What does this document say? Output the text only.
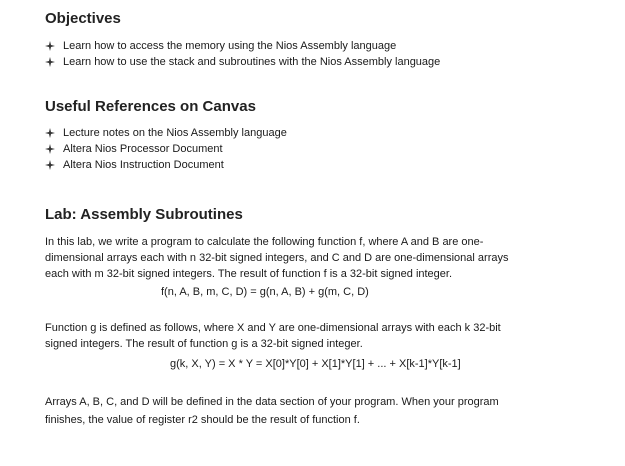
Objectives
Learn how to access the memory using the Nios Assembly language
Learn how to use the stack and subroutines with the Nios Assembly language
Useful References on Canvas
Lecture notes on the Nios Assembly language
Altera Nios Processor Document
Altera Nios Instruction Document
Lab: Assembly Subroutines

In this lab, we write a program to calculate the following function f, where A and B are one-
dimensional arrays each with n 32-bit signed integers, and C and D are one-dimensional arrays
each with m 32-bit signed integers. The result of function f is a 32-bit signed integer.

f(n, A, B, m, C, D) = g(n, A, B) + g(m, C, D)

Function g is defined as follows, where X and Y are one-dimensional arrays with each k 32-bit
signed integers. The result of function g is a 32-bit signed integer.

g(k, X, Y) = X * Y = X[0]*Y[0] + X[1]*Y[1] + ... + X[k-1]*Y[k-1]

Arrays A, B, C, and D will be defined in the data section of your program. When your program
finishes, the value of register r2 should be the result of function f.
